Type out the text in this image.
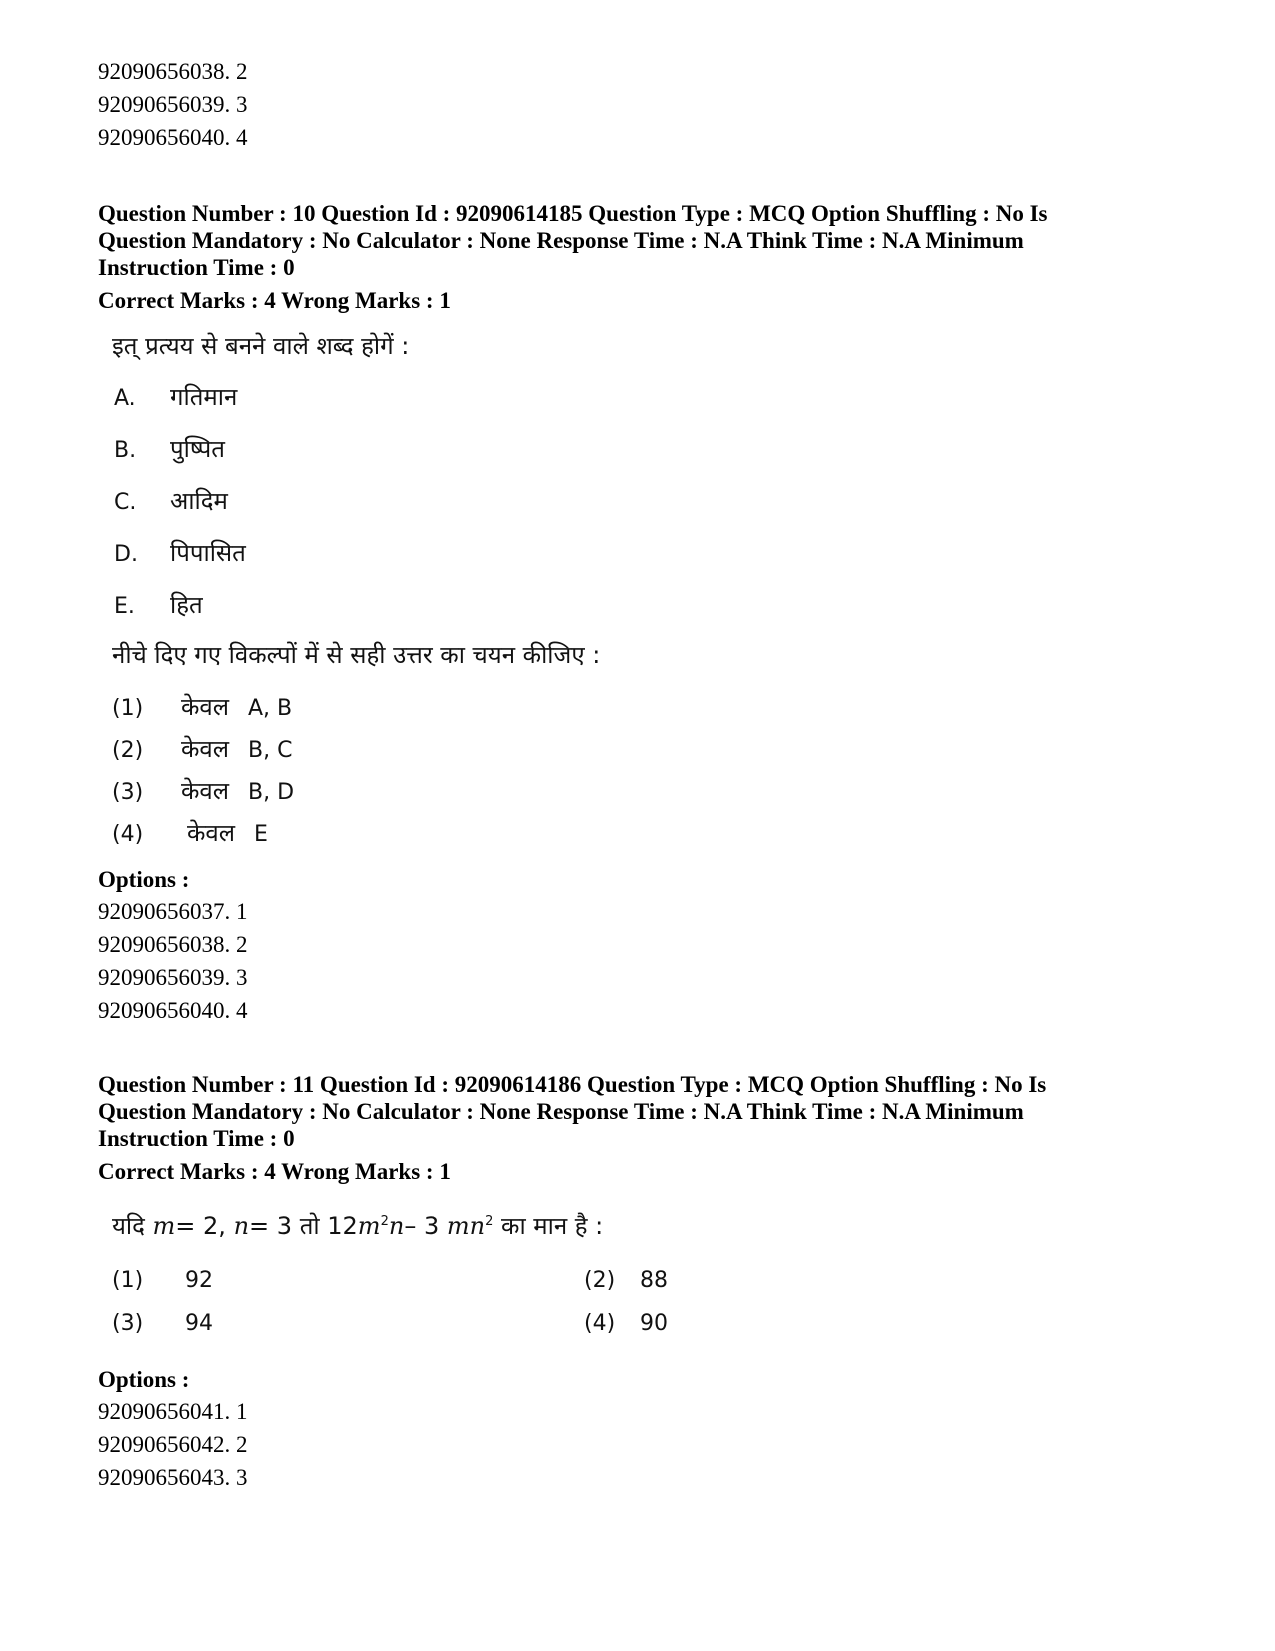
92090656038. 2
92090656039. 3
92090656040. 4
Question Number : 10 Question Id : 92090614185 Question Type : MCQ Option Shuffling : No Is
Question Mandatory : No Calculator : None Response Time : N.A Think Time : N.A Minimum
Instruction Time : 0
Correct Marks : 4 Wrong Marks : 1
इत् प्रत्यय से बनने वाले शब्द होगें :
A. गतिमान
B. पुष्पित
C. आदिम
D. पिपासित
E. हित
नीचे दिए गए विकल्पों में से सही उत्तर का चयन कीजिए :
(1) केवल A, B
(2) केवल B, C
(3) केवल B, D
(4) केवल E
Options :
92090656037. 1
92090656038. 2
92090656039. 3
92090656040. 4
Question Number : 11 Question Id : 92090614186 Question Type : MCQ Option Shuffling : No Is
Question Mandatory : No Calculator : None Response Time : N.A Think Time : N.A Minimum
Instruction Time : 0
Correct Marks : 4 Wrong Marks : 1
यदि m= 2, n= 3 तो $12m^2n-$ 3 $mn^2$ का मान है :
(1) 92	(2) 88
(3) 94	(4) 90
Options :
92090656041. 1
92090656042. 2
92090656043. 3
